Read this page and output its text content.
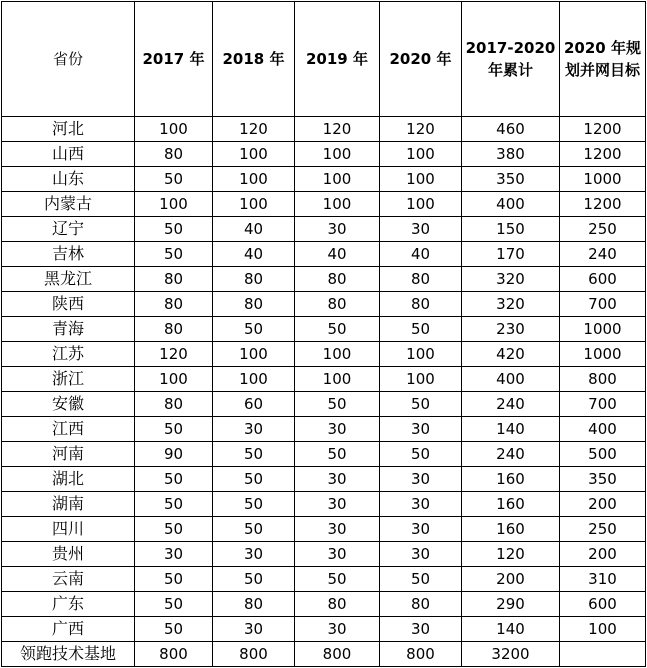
省份	2017 年	2018 年	2019 年	2020 年	2017-2020 年累计	2020 年规划并网目标
河北	100	120	120	120	460	1200
山西	80	100	100	100	380	1200
山东	50	100	100	100	350	1000
内蒙古	100	100	100	100	400	1200
辽宁	50	40	30	30	150	250
吉林	50	40	40	40	170	240
黑龙江	80	80	80	80	320	600
陕西	80	80	80	80	320	700
青海	80	50	50	50	230	1000
江苏	120	100	100	100	420	1000
浙江	100	100	100	100	400	800
安徽	80	60	50	50	240	700
江西	50	30	30	30	140	400
河南	90	50	50	50	240	500
湖北	50	50	30	30	160	350
湖南	50	50	30	30	160	200
四川	50	50	30	30	160	250
贵州	30	30	30	30	120	200
云南	50	50	50	50	200	310
广东	50	80	80	80	290	600
广西	50	30	30	30	140	100
领跑技术基地	800	800	800	800	3200	
